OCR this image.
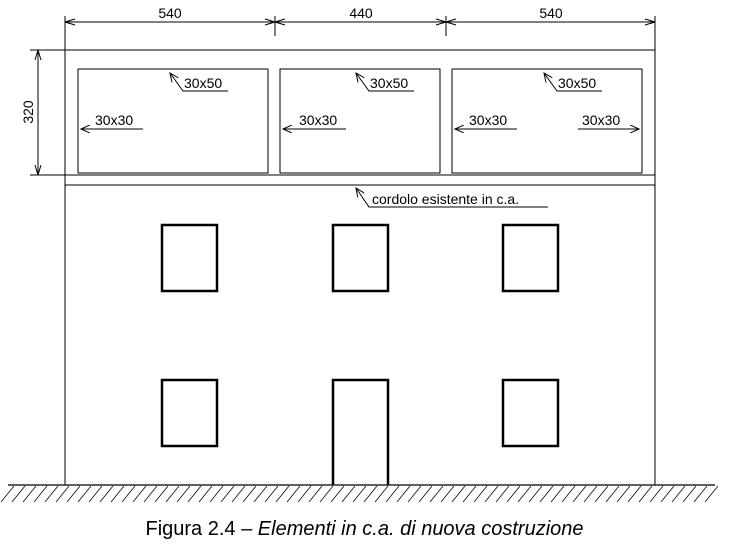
540	440	540
320
30x50	30x50	30x50
30x30	30x30	30x30	30x30
cordolo esistente in c.a.
Figura 2.4 – Elementi in c.a. di nuova costruzione
